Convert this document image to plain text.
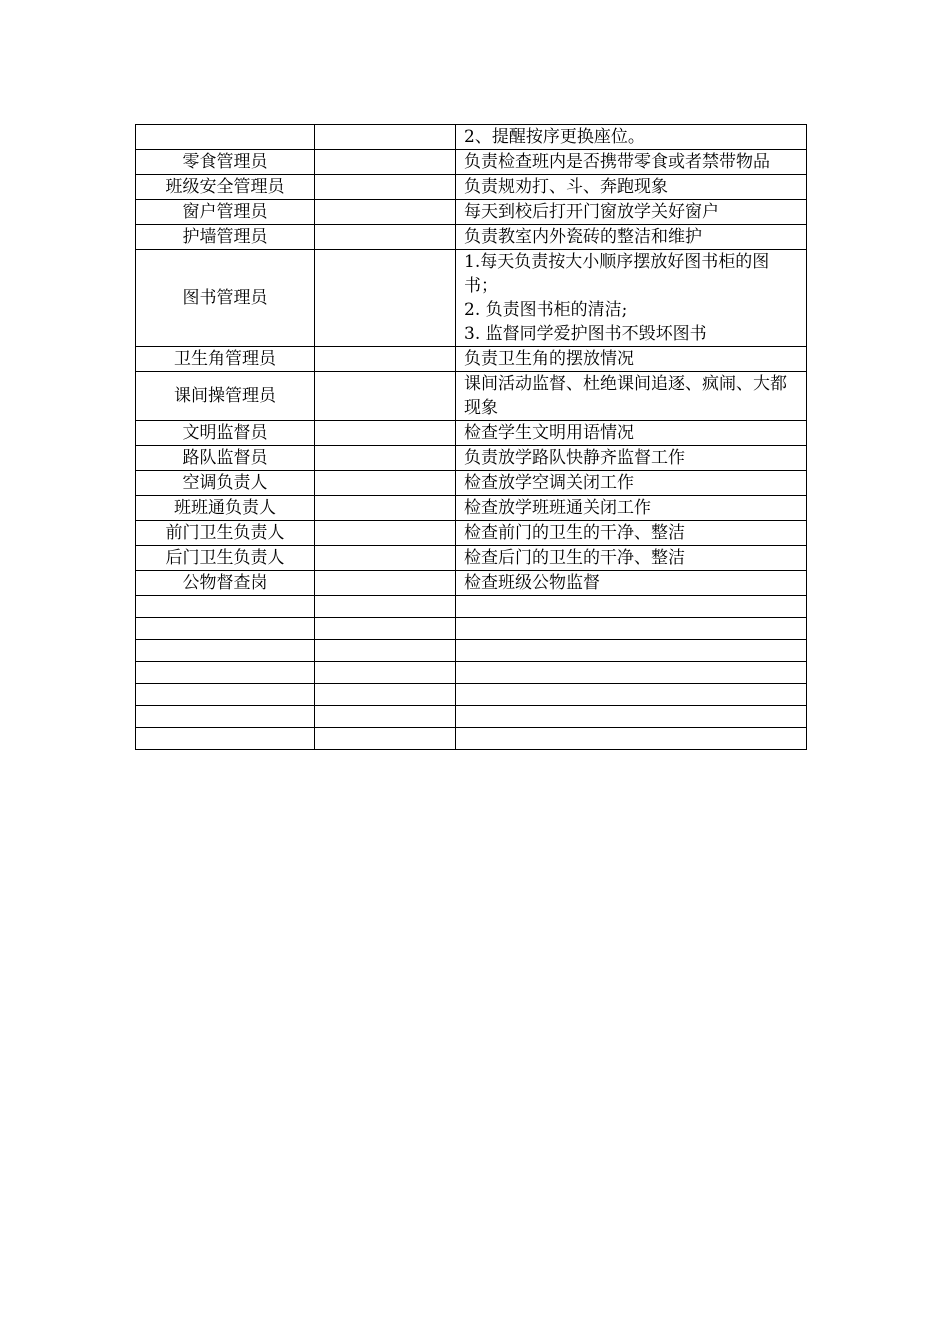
		2、提醒按序更换座位。

零食管理员		负责检查班内是否携带零食或者禁带物品

班级安全管理员		负责规劝打、斗、奔跑现象

窗户管理员		每天到校后打开门窗放学关好窗户

护墙管理员		负责教室内外瓷砖的整洁和维护

图书管理员		1.每天负责按大小顺序摆放好图书柜的图书；
2. 负责图书柜的清洁;
3. 监督同学爱护图书不毁坏图书

卫生角管理员		负责卫生角的摆放情况

课间操管理员		课间活动监督、杜绝课间追逐、疯闹、大都现象

文明监督员		检查学生文明用语情况

路队监督员		负责放学路队快静齐监督工作

空调负责人		检查放学空调关闭工作

班班通负责人		检查放学班班通关闭工作

前门卫生负责人		检查前门的卫生的干净、整洁

后门卫生负责人		检查后门的卫生的干净、整洁

公物督查岗		检查班级公物监督
